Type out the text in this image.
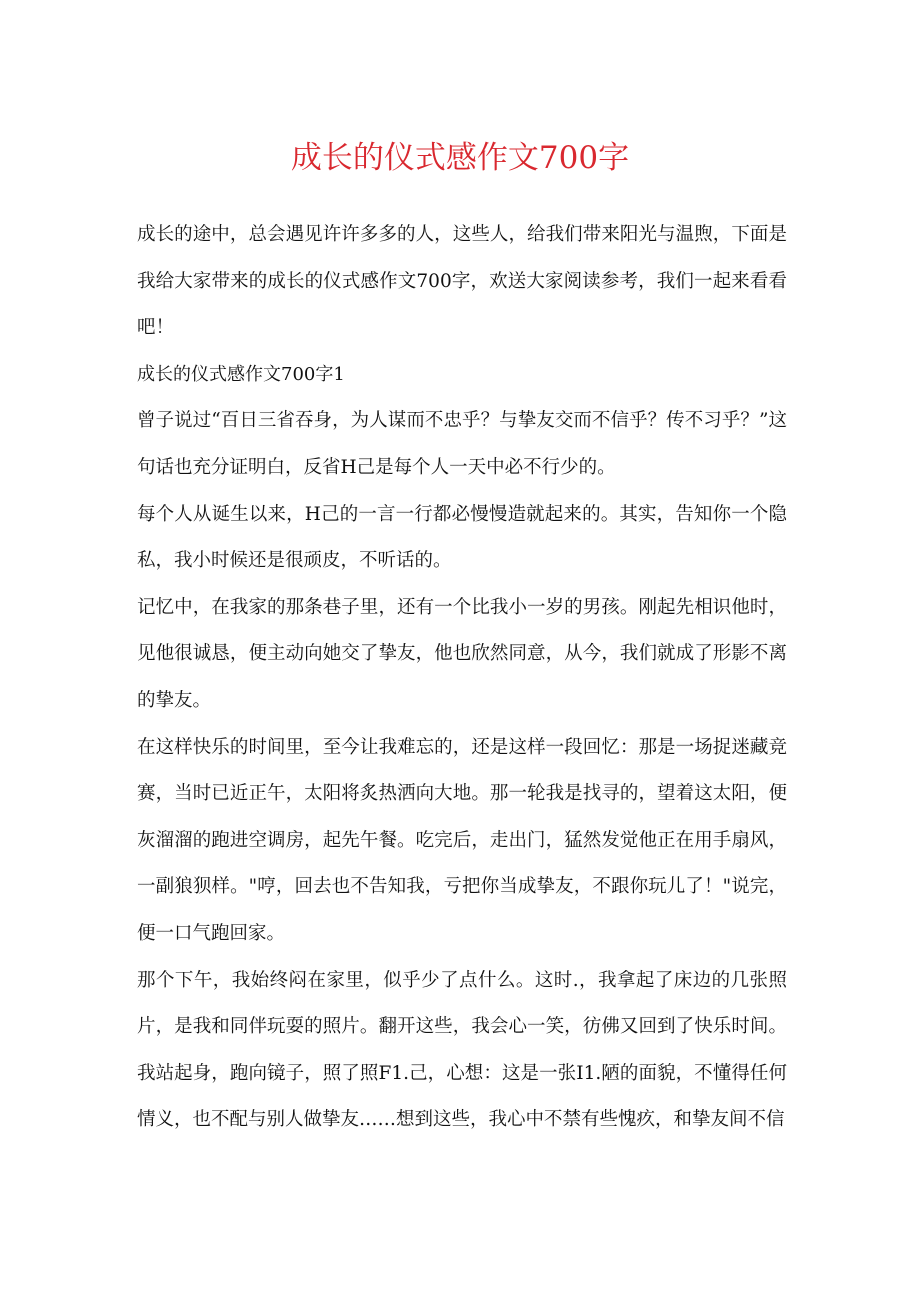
成长的仪式感作文700字

成长的途中，总会遇见许许多多的人，这些人，给我们带来阳光与温煦，下面是我给大家带来的成长的仪式感作文700字，欢送大家阅读参考，我们一起来看看吧！

成长的仪式感作文700字1

曾子说过“百日三省吞身，为人谋而不忠乎？与挚友交而不信乎？传不习乎？”这句话也充分证明白，反省H己是每个人一天中必不行少的。

每个人从诞生以来，H己的一言一行都必慢慢造就起来的。其实，告知你一个隐私，我小时候还是很顽皮，不听话的。

记忆中，在我家的那条巷子里，还有一个比我小一岁的男孩。刚起先相识他时，见他很诚恳，便主动向她交了挚友，他也欣然同意，从今，我们就成了形影不离的挚友。

在这样快乐的时间里，至今让我难忘的，还是这样一段回忆：那是一场捉迷藏竞赛，当时已近正午，太阳将炙热洒向大地。那一轮我是找寻的，望着这太阳，便灰溜溜的跑进空调房，起先午餐。吃完后，走出门，猛然发觉他正在用手扇风，一副狼狈样。"哼，回去也不告知我，亏把你当成挚友，不跟你玩儿了！"说完，便一口气跑回家。

那个下午，我始终闷在家里，似乎少了点什么。这时.，我拿起了床边的几张照片，是我和同伴玩耍的照片。翻开这些，我会心一笑，彷佛又回到了快乐时间。我站起身，跑向镜子，照了照F1.己，心想：这是一张I1.陋的面貌，不懂得任何情义，也不配与别人做挚友……想到这些，我心中不禁有些愧疚，和挚友间不信
